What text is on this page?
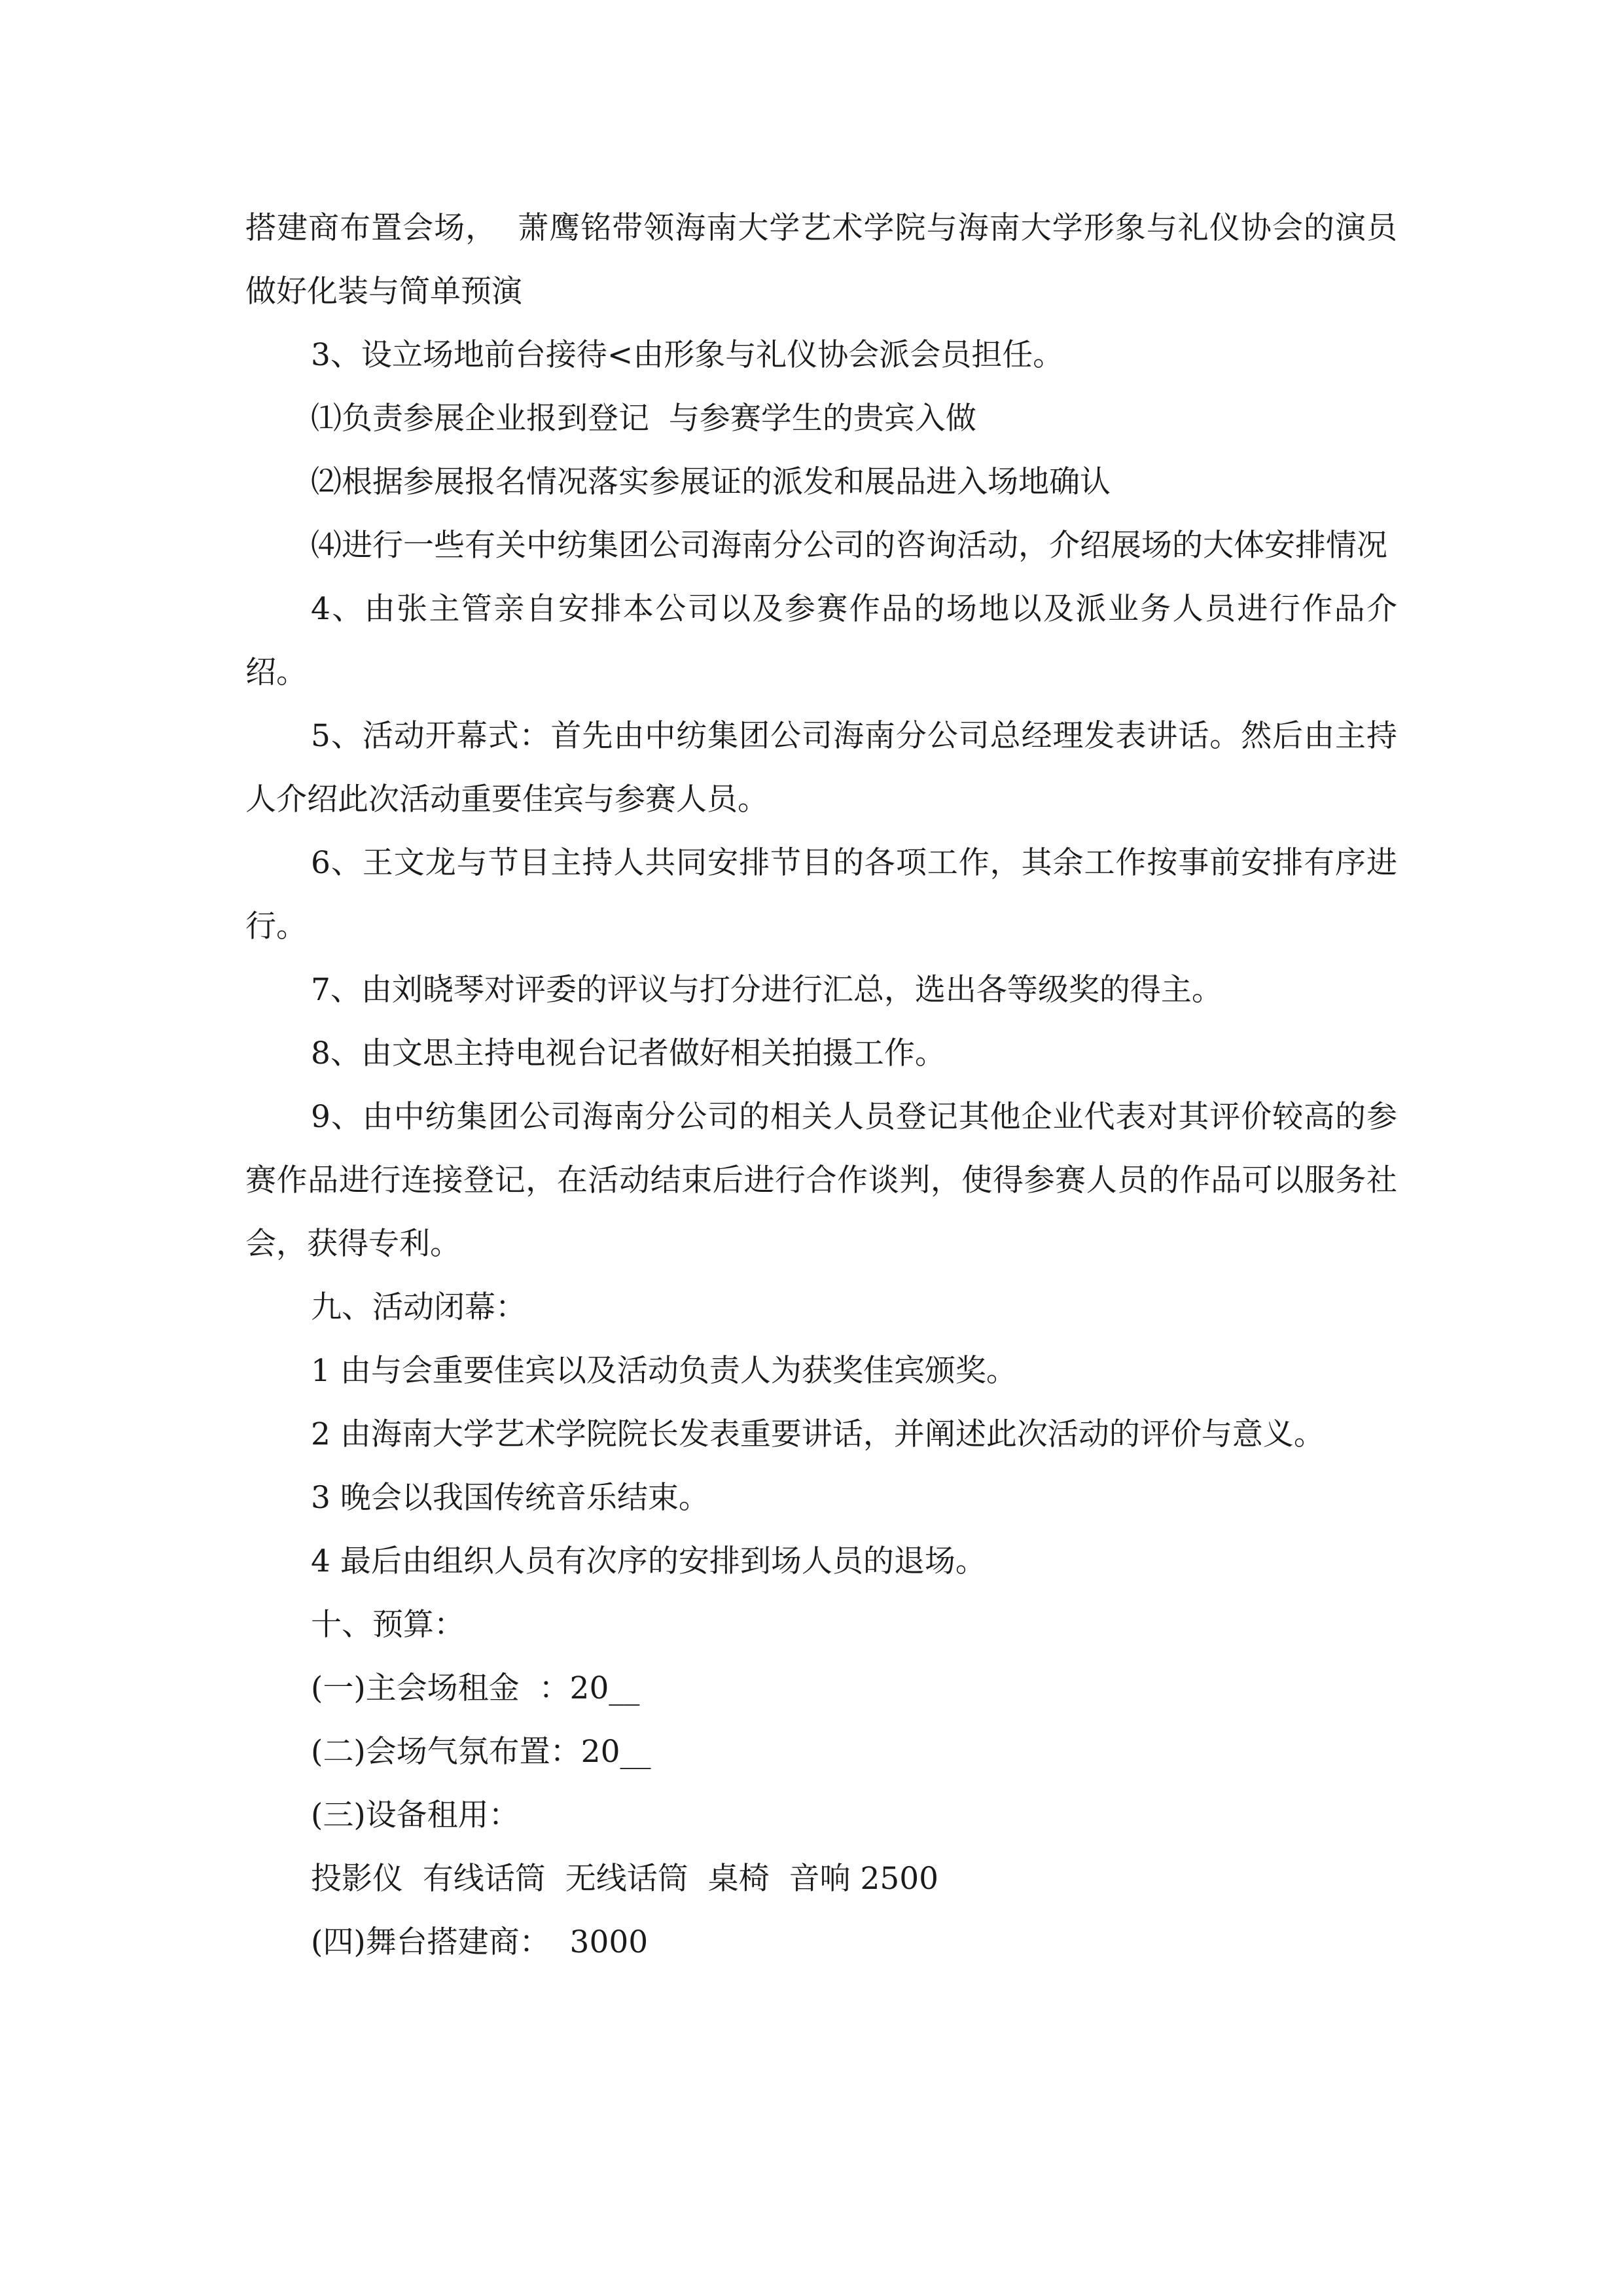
搭建商布置会场，  萧鹰铭带领海南大学艺术学院与海南大学形象与礼仪协会的演员做好化装与简单预演

3、设立场地前台接待<由形象与礼仪协会派会员担任。

⑴负责参展企业报到登记  与参赛学生的贵宾入做

⑵根据参展报名情况落实参展证的派发和展品进入场地确认

⑷进行一些有关中纺集团公司海南分公司的咨询活动，介绍展场的大体安排情况

4、由张主管亲自安排本公司以及参赛作品的场地以及派业务人员进行作品介绍。

5、活动开幕式：首先由中纺集团公司海南分公司总经理发表讲话。然后由主持人介绍此次活动重要佳宾与参赛人员。

6、王文龙与节目主持人共同安排节目的各项工作，其余工作按事前安排有序进行。

7、由刘晓琴对评委的评议与打分进行汇总，选出各等级奖的得主。

8、由文思主持电视台记者做好相关拍摄工作。

9、由中纺集团公司海南分公司的相关人员登记其他企业代表对其评价较高的参赛作品进行连接登记，在活动结束后进行合作谈判，使得参赛人员的作品可以服务社会，获得专利。

九、活动闭幕：

1 由与会重要佳宾以及活动负责人为获奖佳宾颁奖。

2 由海南大学艺术学院院长发表重要讲话，并阐述此次活动的评价与意义。

3 晚会以我国传统音乐结束。

4 最后由组织人员有次序的安排到场人员的退场。

十、预算：

(一)主会场租金  ：20__

(二)会场气氛布置：20__

(三)设备租用：

投影仪  有线话筒  无线话筒  桌椅  音响 2500

(四)舞台搭建商：  3000
